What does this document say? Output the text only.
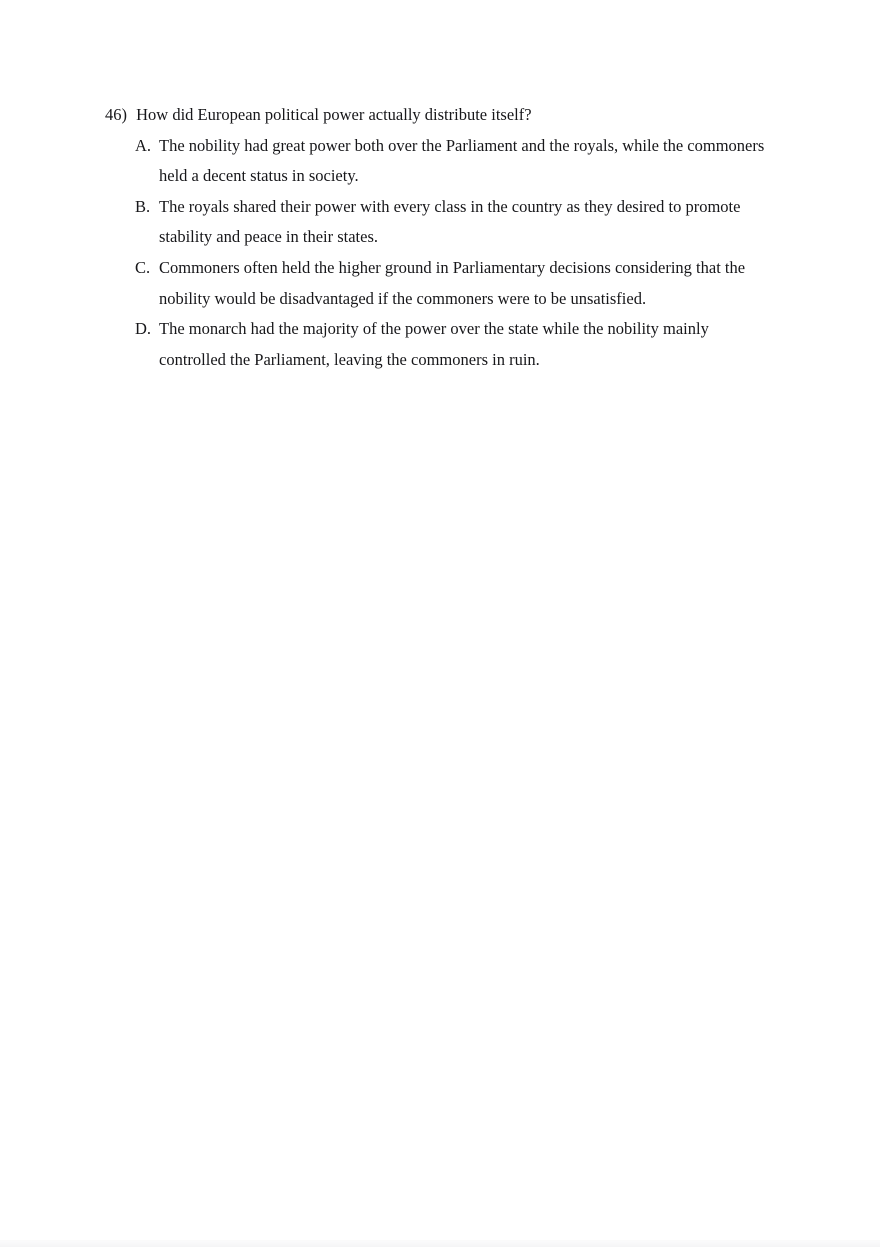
46) How did European political power actually distribute itself?
A. The nobility had great power both over the Parliament and the royals, while the commoners held a decent status in society.
B. The royals shared their power with every class in the country as they desired to promote stability and peace in their states.
C. Commoners often held the higher ground in Parliamentary decisions considering that the nobility would be disadvantaged if the commoners were to be unsatisfied.
D. The monarch had the majority of the power over the state while the nobility mainly controlled the Parliament, leaving the commoners in ruin.
